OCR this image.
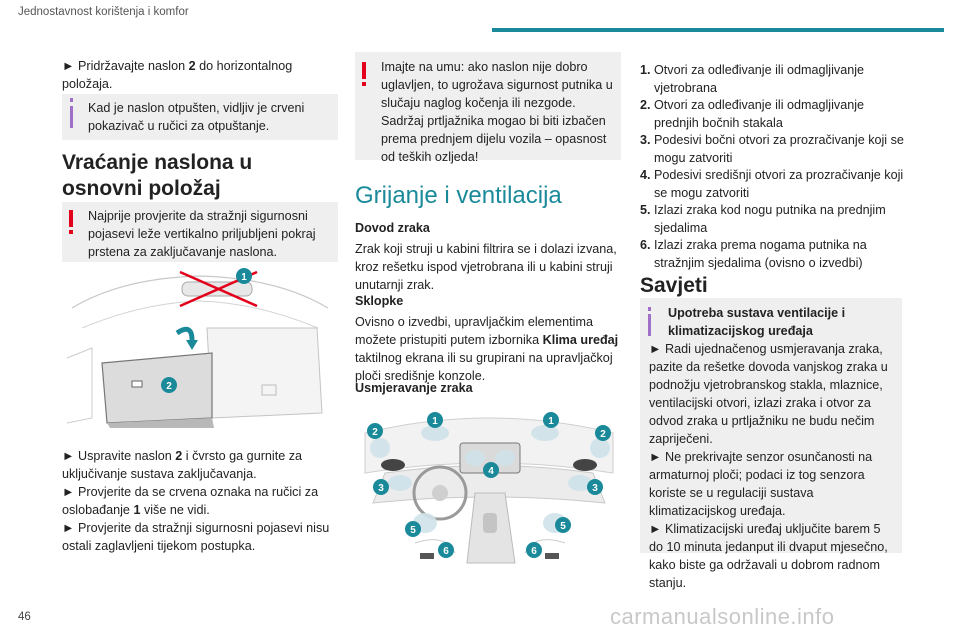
Jednostavnost korištenja i komfor

► Pridržavajte naslon 2 do horizontalnog položaja.

Kad je naslon otpušten, vidljiv je crveni pokazivač u ručici za otpuštanje.

Vraćanje naslona u osnovni položaj

Najprije provjerite da stražnji sigurnosni pojasevi leže vertikalno priljubljeni pokraj prstena za zaključavanje naslona.

1
2

► Uspravite naslon 2 i čvrsto ga gurnite za uključivanje sustava zaključavanja.
► Provjerite da se crvena oznaka na ručici za oslobađanje 1 više ne vidi.
► Provjerite da stražnji sigurnosni pojasevi nisu ostali zaglavljeni tijekom postupka.

Imajte na umu: ako naslon nije dobro uglavljen, to ugrožava sigurnost putnika u slučaju naglog kočenja ili nezgode. Sadržaj prtljažnika mogao bi biti izbačen prema prednjem dijelu vozila – opasnost od teških ozljeda!

Grijanje i ventilacija
Dovod zraka

Zrak koji struji u kabini filtrira se i dolazi izvana, kroz rešetku ispod vjetrobrana ili u kabini struji unutarnji zrak.

Sklopke

Ovisno o izvedbi, upravljačkim elementima možete pristupiti putem izbornika Klima uređaj taktilnog ekrana ili su grupirani na upravljačkoj ploči središnje konzole.

Usmjeravanje zraka
1	1
2	2
3	3
4
5	5
6	6
1. Otvori za odleđivanje ili odmagljivanje vjetrobrana
2. Otvori za odleđivanje ili odmagljivanje prednjih bočnih stakala
3. Podesivi bočni otvori za prozračivanje koji se mogu zatvoriti
4. Podesivi središnji otvori za prozračivanje koji se mogu zatvoriti
5. Izlazi zraka kod nogu putnika na prednjim sjedalima
6. Izlazi zraka prema nogama putnika na stražnjim sjedalima (ovisno o izvedbi)
Savjeti

Upotreba sustava ventilacije i klimatizacijskog uređaja

► Radi ujednačenog usmjeravanja zraka, pazite da rešetke dovoda vanjskog zraka u podnožju vjetrobranskog stakla, mlaznice, ventilacijski otvori, izlazi zraka i otvor za odvod zraka u prtljažniku ne budu nečim zapriječeni.
► Ne prekrivajte senzor osunčanosti na armaturnoj ploči; podaci iz tog senzora koriste se u regulaciji sustava klimatizacijskog uređaja.
► Klimatizacijski uređaj uključite barem 5 do 10 minuta jedanput ili dvaput mjesečno, kako biste ga održavali u dobrom radnom stanju.

46	carmanualsonline.info
